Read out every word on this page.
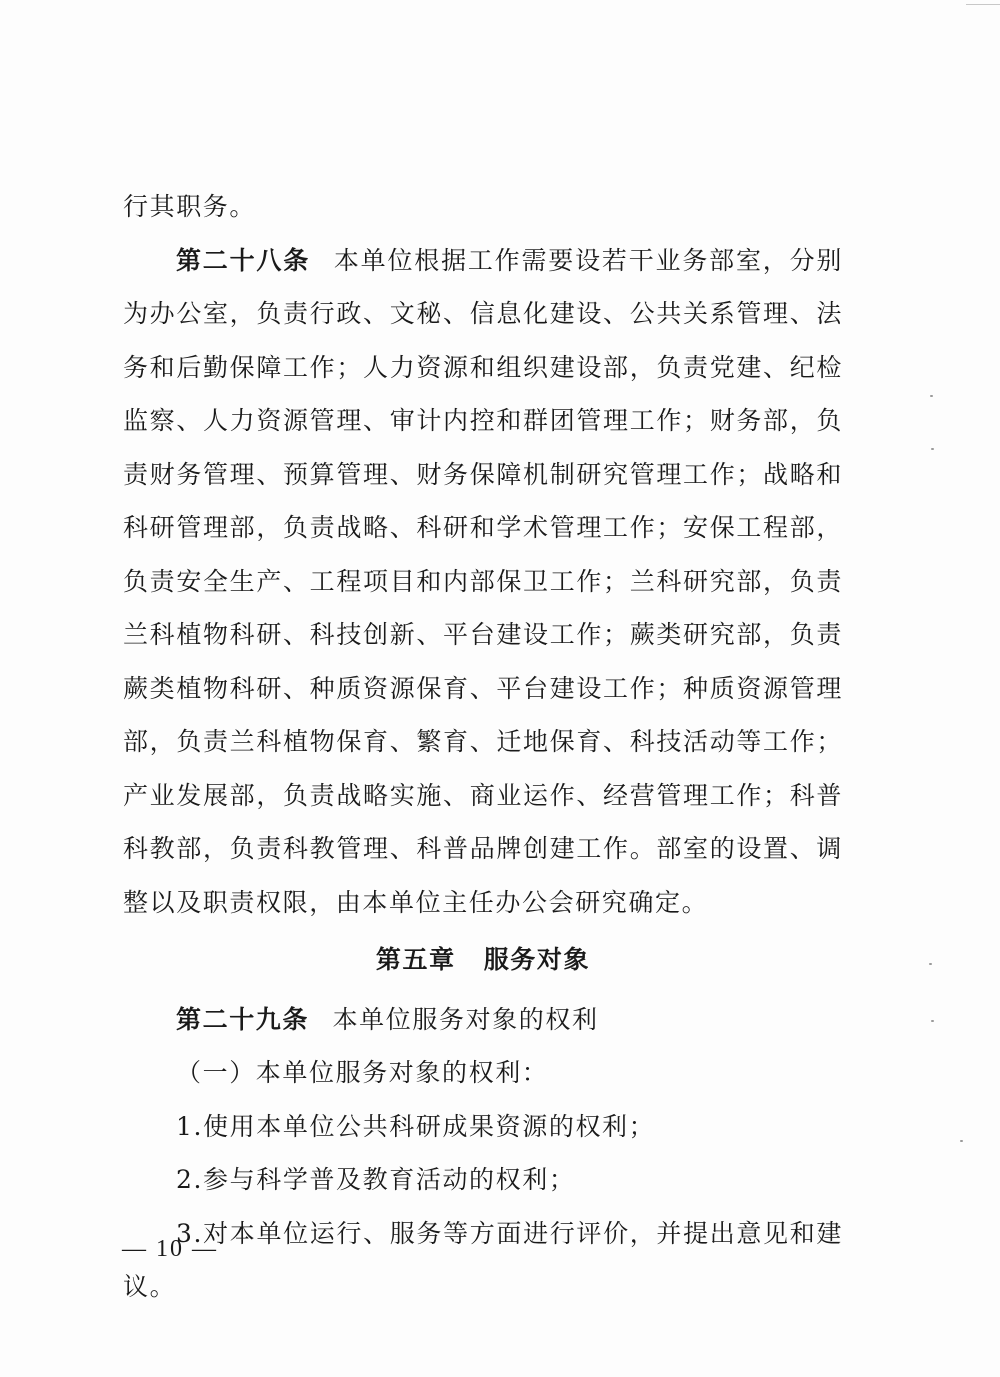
行其职务。

第二十八条 本单位根据工作需要设若干业务部室，分别为办公室，负责行政、文秘、信息化建设、公共关系管理、法务和后勤保障工作；人力资源和组织建设部，负责党建、纪检监察、人力资源管理、审计内控和群团管理工作；财务部，负责财务管理、预算管理、财务保障机制研究管理工作；战略和科研管理部，负责战略、科研和学术管理工作；安保工程部，负责安全生产、工程项目和内部保卫工作；兰科研究部，负责兰科植物科研、科技创新、平台建设工作；蕨类研究部，负责蕨类植物科研、种质资源保育、平台建设工作；种质资源管理部，负责兰科植物保育、繁育、迁地保育、科技活动等工作；产业发展部，负责战略实施、商业运作、经营管理工作；科普科教部，负责科教管理、科普品牌创建工作。部室的设置、调整以及职责权限，由本单位主任办公会研究确定。

第五章 服务对象

第二十九条 本单位服务对象的权利

（一）本单位服务对象的权利：

1.使用本单位公共科研成果资源的权利；

2.参与科学普及教育活动的权利；

3.对本单位运行、服务等方面进行评价，并提出意见和建议。

— 10 —
